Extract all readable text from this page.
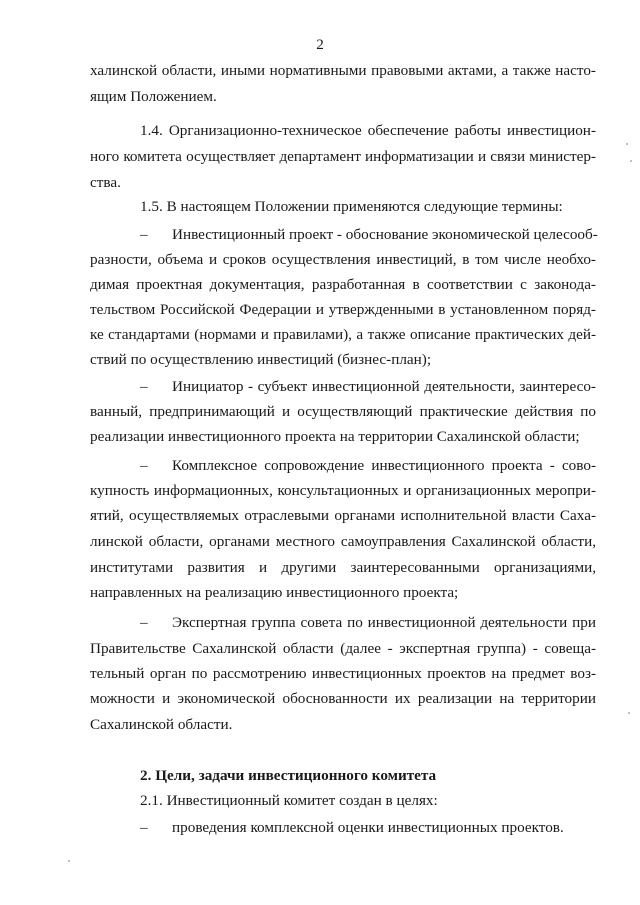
2
халинской области, иными нормативными правовыми актами, а также насто-
ящим Положением.
1.4. Организационно-техническое обеспечение работы инвестицион-
ного комитета осуществляет департамент информатизации и связи министер-
ства.
1.5. В настоящем Положении применяются следующие термины:
– Инвестиционный проект - обоснование экономической целесооб-
разности, объема и сроков осуществления инвестиций, в том числе необхо-
димая проектная документация, разработанная в соответствии с законода-
тельством Российской Федерации и утвержденными в установленном поряд-
ке стандартами (нормами и правилами), а также описание практических дей-
ствий по осуществлению инвестиций (бизнес-план);
– Инициатор - субъект инвестиционной деятельности, заинтересо-
ванный, предпринимающий и осуществляющий практические действия по
реализации инвестиционного проекта на территории Сахалинской области;
– Комплексное сопровождение инвестиционного проекта - сово-
купность информационных, консультационных и организационных меропри-
ятий, осуществляемых отраслевыми органами исполнительной власти Саха-
линской области, органами местного самоуправления Сахалинской области,
институтами развития и другими заинтересованными организациями,
направленных на реализацию инвестиционного проекта;
– Экспертная группа совета по инвестиционной деятельности при
Правительстве Сахалинской области (далее - экспертная группа) - совеща-
тельный орган по рассмотрению инвестиционных проектов на предмет воз-
можности и экономической обоснованности их реализации на территории
Сахалинской области.
2. Цели, задачи инвестиционного комитета
2.1. Инвестиционный комитет создан в целях:
– проведения комплексной оценки инвестиционных проектов.
